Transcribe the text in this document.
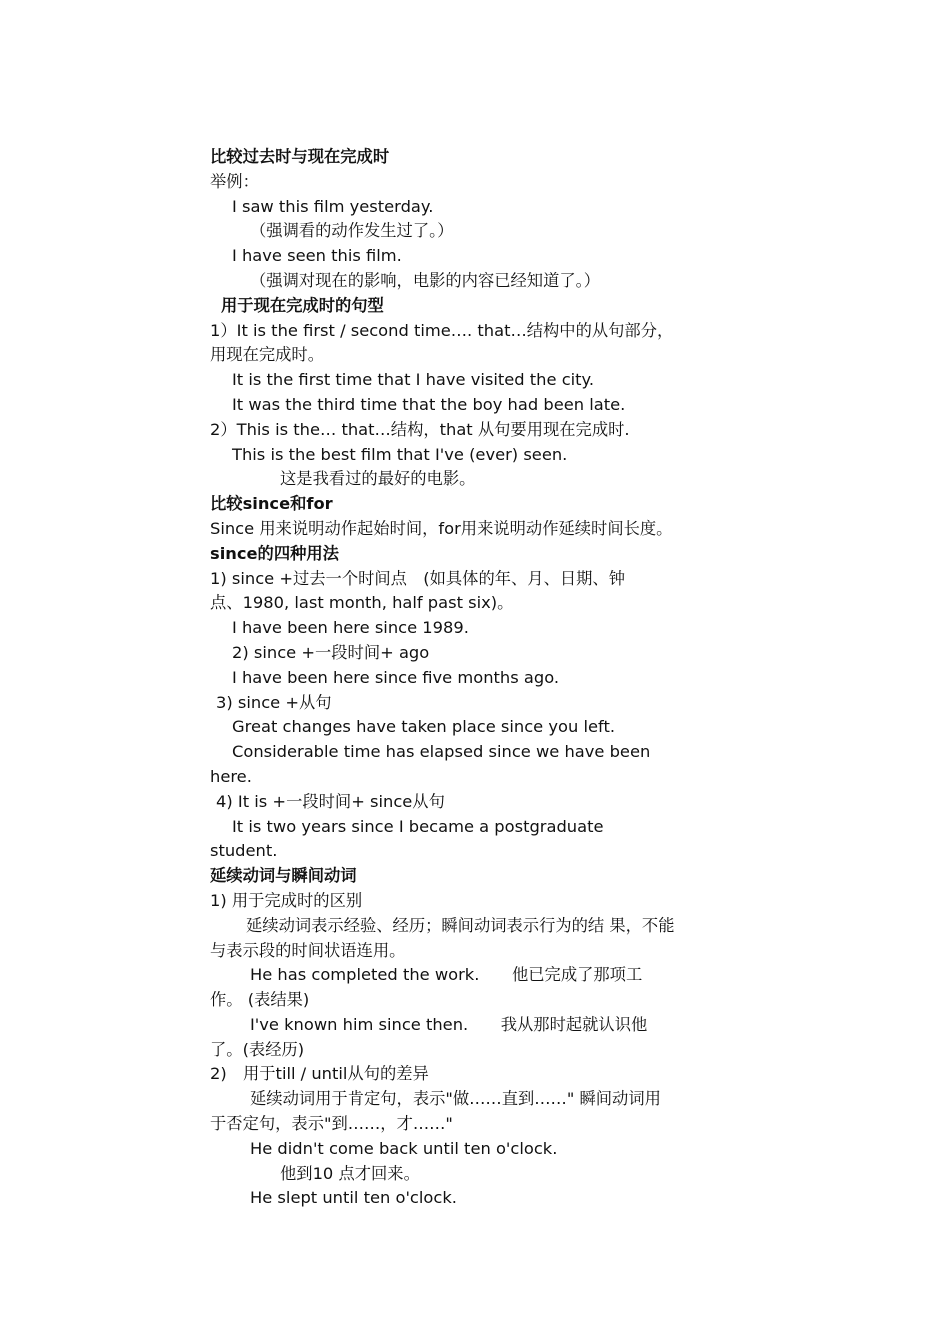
比较过去时与现在完成时

举例：

I saw this film yesterday.

（强调看的动作发生过了。）

I have seen this film.

（强调对现在的影响，电影的内容已经知道了。）

用于现在完成时的句型

1）It is the first / second time…. that…结构中的从句部分，

用现在完成时。

It is the first time that I have visited the city.

It was the third time that the boy had been late.

2）This is the… that…结构，that 从句要用现在完成时.

This is the best film that I've (ever) seen.

这是我看过的最好的电影。

比较since和for

Since 用来说明动作起始时间，for用来说明动作延续时间长度。

since的四种用法

1) since +过去一个时间点　(如具体的年、月、日期、钟

点、1980, last month, half past six)。

I have been here since 1989.

2) since +一段时间+ ago

I have been here since five months ago.

3) since +从句

Great changes have taken place since you left.

Considerable time has elapsed since we have been

here.

4) It is +一段时间+ since从句

It is two years since I became a postgraduate

student.

延续动词与瞬间动词

1) 用于完成时的区别

延续动词表示经验、经历；瞬间动词表示行为的结 果，不能

与表示段的时间状语连用。

He has completed the work.　　他已完成了那项工

作。 (表结果)

I've known him since then.　　我从那时起就认识他

了。(表经历)

2)　用于till / until从句的差异

延续动词用于肯定句，表示"做……直到……" 瞬间动词用

于否定句，表示"到……，才……"

He didn't come back until ten o'clock.

他到10 点才回来。

He slept until ten o'clock.
